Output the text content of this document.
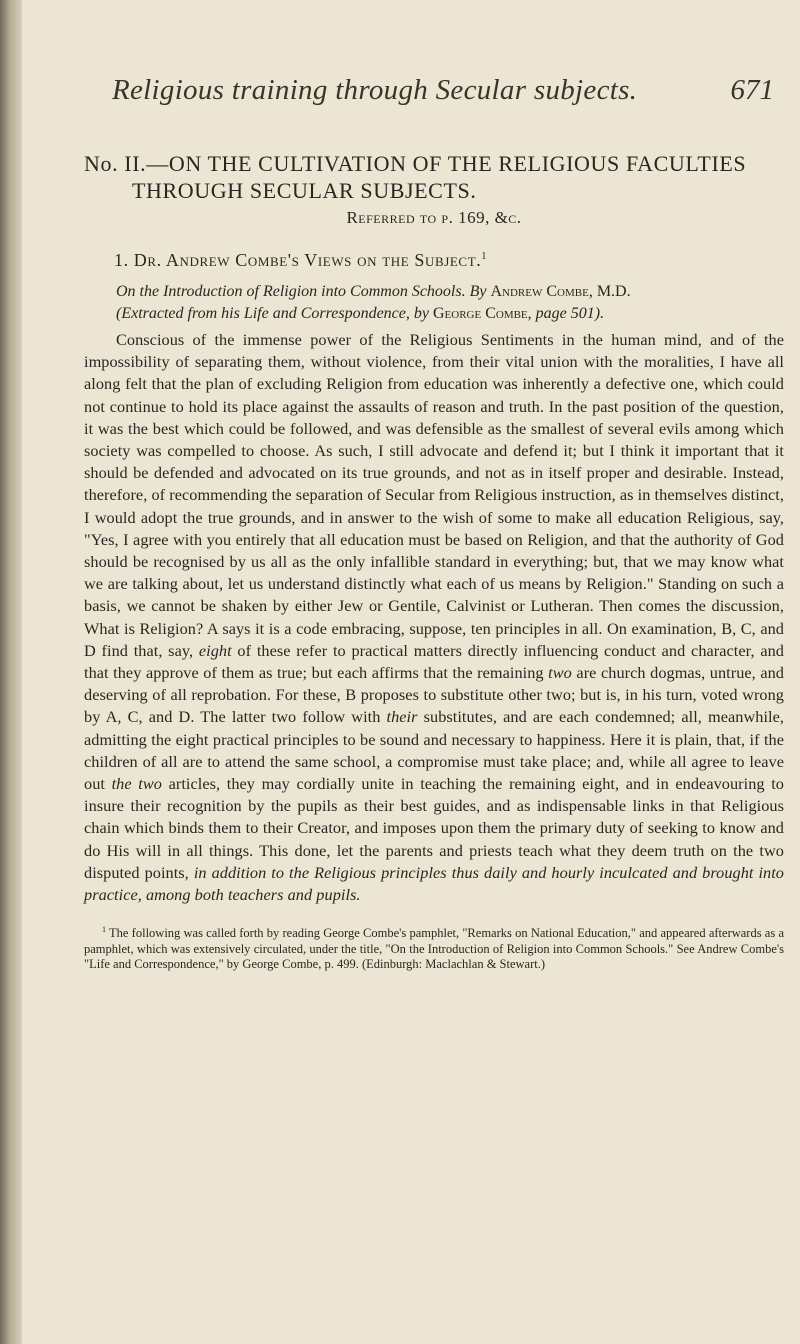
Religious training through Secular subjects.	671
No. II.—ON THE CULTIVATION OF THE RELIGIOUS FACULTIES THROUGH SECULAR SUBJECTS.
Referred to p. 169, &c.
1. Dr. Andrew Combe's Views on the Subject.$^1$
On the Introduction of Religion into Common Schools. By Andrew Combe, M.D.
(Extracted from his Life and Correspondence, by George Combe, page 501).

Conscious of the immense power of the Religious Sentiments in the human mind, and of the impossibility of separating them, without violence, from their vital union with the moralities, I have all along felt that the plan of excluding Religion from education was inherently a defective one, which could not continue to hold its place against the assaults of reason and truth. In the past position of the question, it was the best which could be followed, and was defensible as the smallest of several evils among which society was compelled to choose. As such, I still advocate and defend it; but I think it important that it should be defended and advocated on its true grounds, and not as in itself proper and desirable. Instead, therefore, of recommending the separation of Secular from Religious instruction, as in themselves distinct, I would adopt the true grounds, and in answer to the wish of some to make all education Religious, say, "Yes, I agree with you entirely that all education must be based on Religion, and that the authority of God should be recognised by us all as the only infallible standard in everything; but, that we may know what we are talking about, let us understand distinctly what each of us means by Religion." Standing on such a basis, we cannot be shaken by either Jew or Gentile, Calvinist or Lutheran. Then comes the discussion, What is Religion? A says it is a code embracing, suppose, ten principles in all. On examination, B, C, and D find that, say, eight of these refer to practical matters directly influencing conduct and character, and that they approve of them as true; but each affirms that the remaining two are church dogmas, untrue, and deserving of all reprobation. For these, B proposes to substitute other two; but is, in his turn, voted wrong by A, C, and D. The latter two follow with their substitutes, and are each condemned; all, meanwhile, admitting the eight practical principles to be sound and necessary to happiness. Here it is plain, that, if the children of all are to attend the same school, a compromise must take place; and, while all agree to leave out the two articles, they may cordially unite in teaching the remaining eight, and in endeavouring to insure their recognition by the pupils as their best guides, and as indispensable links in that Religious chain which binds them to their Creator, and imposes upon them the primary duty of seeking to know and do His will in all things. This done, let the parents and priests teach what they deem truth on the two disputed points, in addition to the Religious principles thus daily and hourly inculcated and brought into practice, among both teachers and pupils.

$^1$ The following was called forth by reading George Combe's pamphlet, "Remarks on National Education," and appeared afterwards as a pamphlet, which was extensively circulated, under the title, "On the Introduction of Religion into Common Schools." See Andrew Combe's "Life and Correspondence," by George Combe, p. 499. (Edinburgh: Maclachlan & Stewart.)
